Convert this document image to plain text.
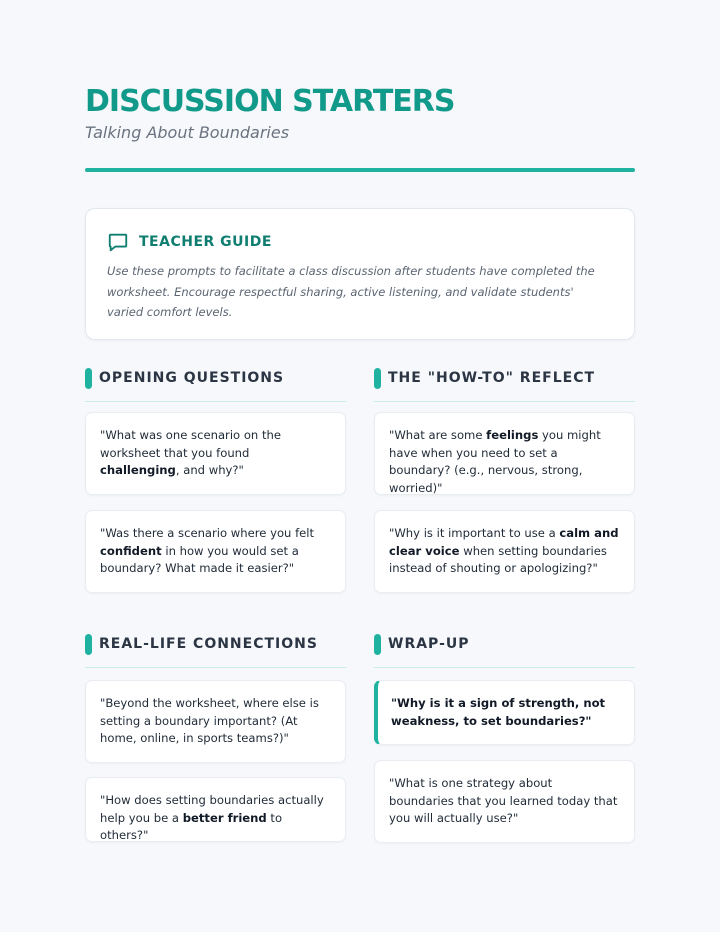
DISCUSSION STARTERS
Talking About Boundaries
TEACHER GUIDE
Use these prompts to facilitate a class discussion after students have completed the worksheet. Encourage respectful sharing, active listening, and validate students' varied comfort levels.
OPENING QUESTIONS
"What was one scenario on the worksheet that you found challenging, and why?"
"Was there a scenario where you felt confident in how you would set a boundary? What made it easier?"
THE "HOW-TO" REFLECT
"What are some feelings you might have when you need to set a boundary? (e.g., nervous, strong, worried)"
"Why is it important to use a calm and clear voice when setting boundaries instead of shouting or apologizing?"
REAL-LIFE CONNECTIONS
"Beyond the worksheet, where else is setting a boundary important? (At home, online, in sports teams?)"
"How does setting boundaries actually help you be a better friend to others?"
WRAP-UP
"Why is it a sign of strength, not weakness, to set boundaries?"
"What is one strategy about boundaries that you learned today that you will actually use?"
